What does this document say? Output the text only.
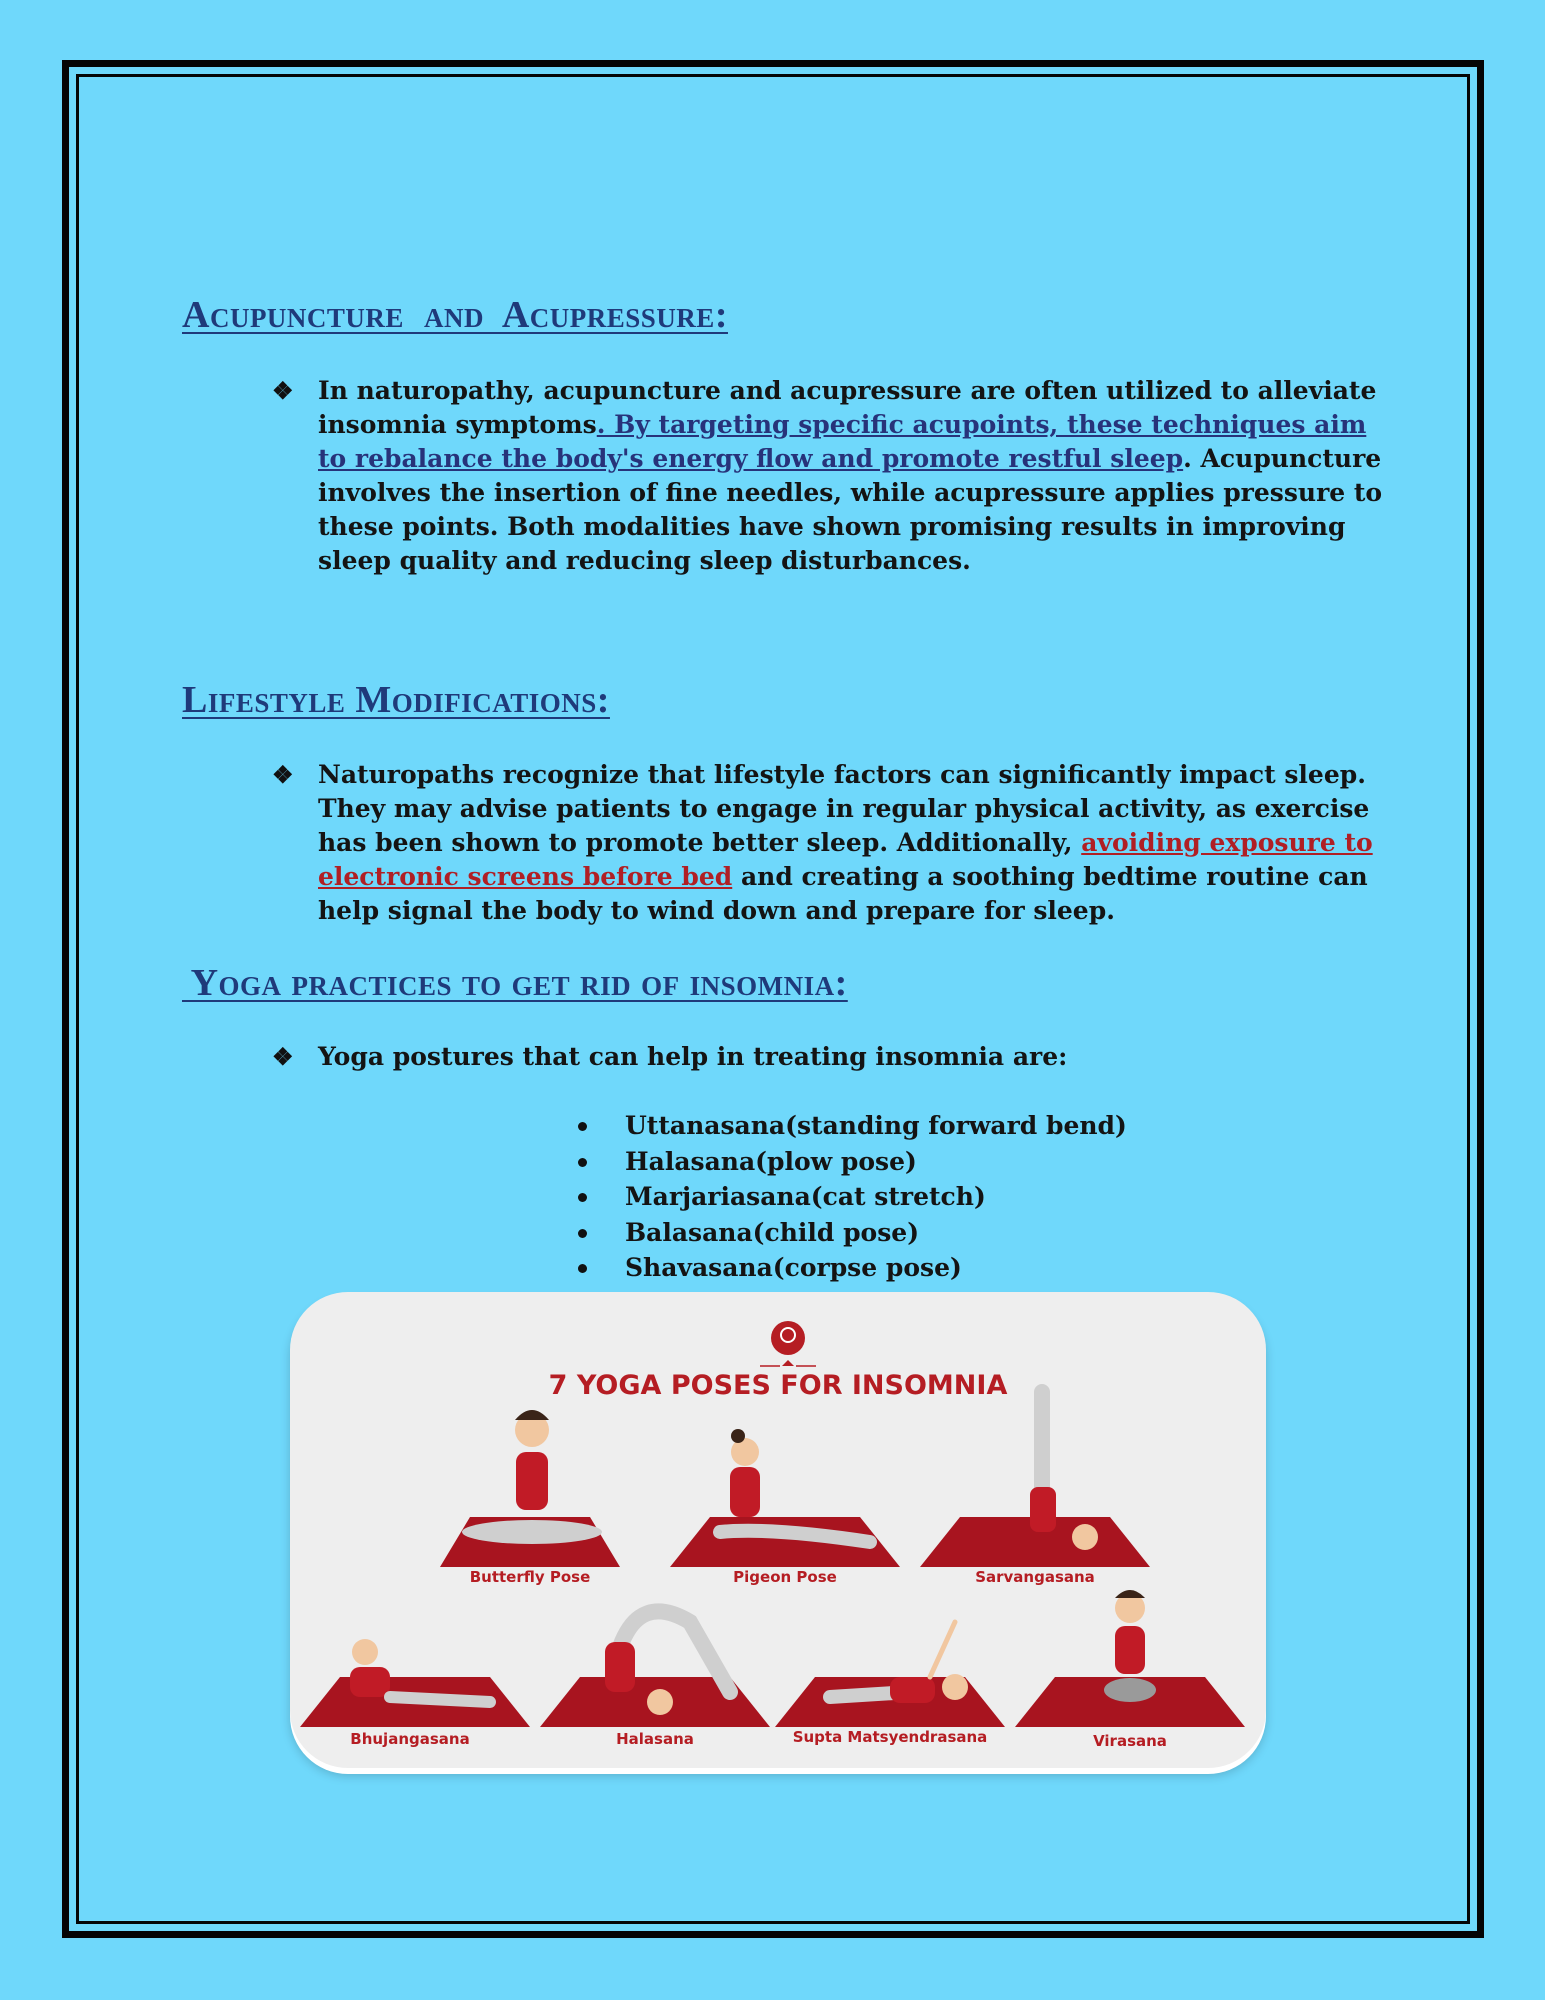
Acupuncture  and  Acupressure:
❖ In naturopathy, acupuncture and acupressure are often utilized to alleviate insomnia symptoms. By targeting specific acupoints, these techniques aim to rebalance the body's energy flow and promote restful sleep. Acupuncture involves the insertion of fine needles, while acupressure applies pressure to these points. Both modalities have shown promising results in improving sleep quality and reducing sleep disturbances.
Lifestyle Modifications:
❖ Naturopaths recognize that lifestyle factors can significantly impact sleep. They may advise patients to engage in regular physical activity, as exercise has been shown to promote better sleep. Additionally, avoiding exposure to electronic screens before bed and creating a soothing bedtime routine can help signal the body to wind down and prepare for sleep.
Yoga practices to get rid of insomnia:
❖ Yoga postures that can help in treating insomnia are:
Uttanasana(standing forward bend)
Halasana(plow pose)
Marjariasana(cat stretch)
Balasana(child pose)
Shavasana(corpse pose)
7 YOGA POSES FOR INSOMNIA
Butterfly Pose	Pigeon Pose	Sarvangasana
Bhujangasana	Halasana	Supta Matsyendrasana	Virasana
